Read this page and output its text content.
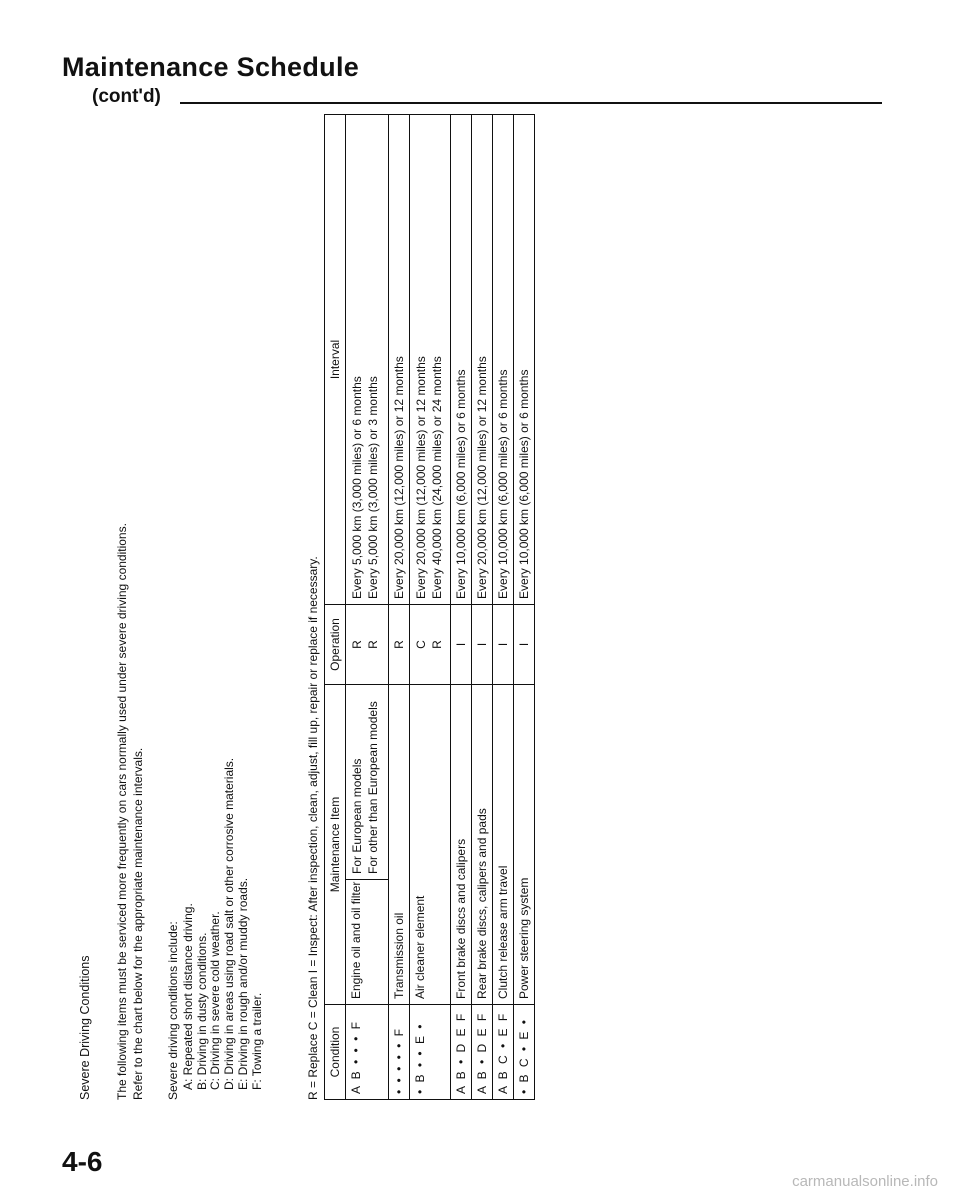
Maintenance Schedule
(cont'd)
Severe Driving Conditions The following items must be serviced more frequently on cars normally used under severe driving conditions. Refer to the chart below for the appropriate maintenance intervals. Severe driving conditions include: A: Repeated short distance driving. B: Driving in dusty conditions. C: Driving in severe cold weather. D: Driving in areas using road salt or other corrosive materials. E: Driving in rough and/or muddy roads. F: Towing a trailer.	R = Replace C = Clean I = Inspect: After inspection, clean, adjust, fill up, repair or replace if necessary. Condition	Maintenance Item		Operation	Interval
A B • • • F	Engine oil and oil filter	For European models For other than European models	R R	Every 5,000 km (3,000 miles) or 6 months Every 5,000 km (3,000 miles) or 3 months

• • • • • F	Transmission oil		R	Every 20,000 km (12,000 miles) or 12 months
• B • • E •	Air cleaner element		C R	Every 20,000 km (12,000 miles) or 12 months Every 40,000 km (24,000 miles) or 24 months

A B • D E F	Front brake discs and calipers		I	Every 10,000 km (6,000 miles) or 6 months
A B • D E F	Rear brake discs, calipers and pads		I	Every 20,000 km (12,000 miles) or 12 months
A B C • E F	Clutch release arm travel		I	Every 10,000 km (6,000 miles) or 6 months
• B C • E •	Power steering system		I	Every 10,000 km (6,000 miles) or 6 months
4-6
carmanualsonline.info
